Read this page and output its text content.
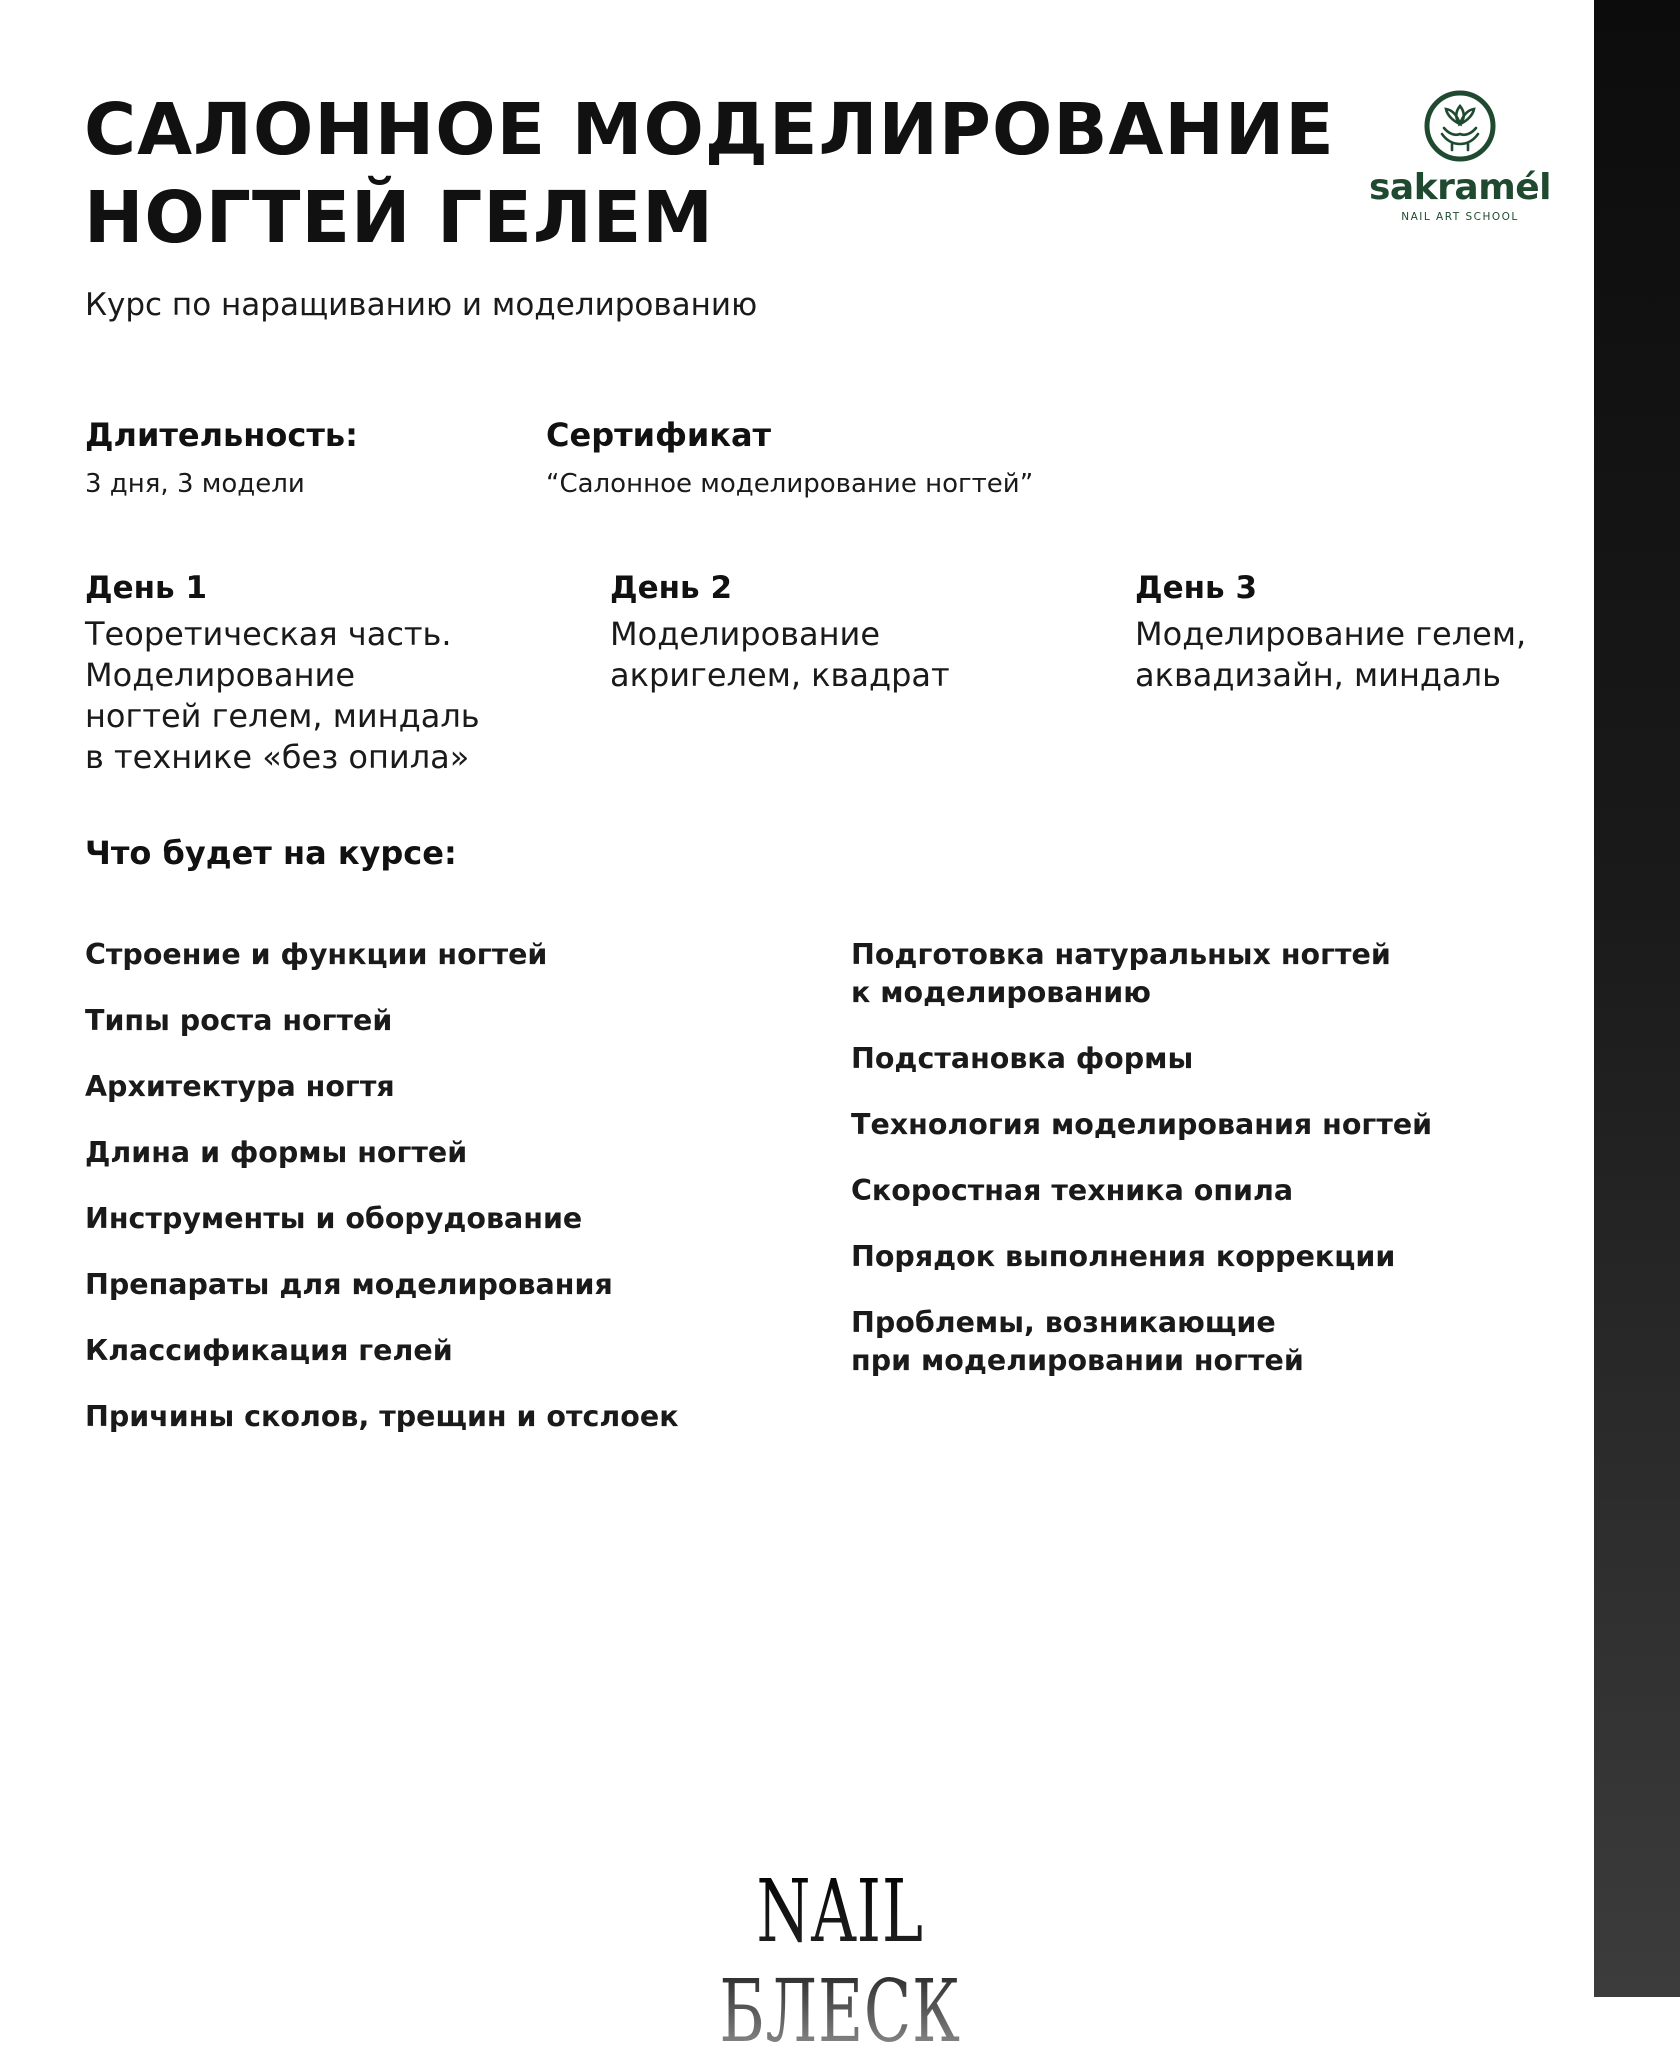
САЛОННОЕ МОДЕЛИРОВАНИЕ
НОГТЕЙ ГЕЛЕМ	sakramél
NAIL ART SCHOOL
Курс по наращиванию и моделированию
Длительность:
3 дня, 3 модели
Сертификат
“Салонное моделирование ногтей”
День 1
Теоретическая часть.
Моделирование
ногтей гелем, миндаль
в технике «без опила»
День 2
Моделирование
акригелем, квадрат
День 3
Моделирование гелем,
аквадизайн, миндаль
Что будет на курсе:
Строение и функции ногтей
Типы роста ногтей
Архитектура ногтя
Длина и формы ногтей
Инструменты и оборудование
Препараты для моделирования
Классификация гелей
Причины сколов, трещин и отслоек
Подготовка натуральных ногтей
к моделированию
Подстановка формы
Технология моделирования ногтей
Скоростная техника опила
Порядок выполнения коррекции
Проблемы, возникающие
при моделировании ногтей
NAIL БЛЕСК
